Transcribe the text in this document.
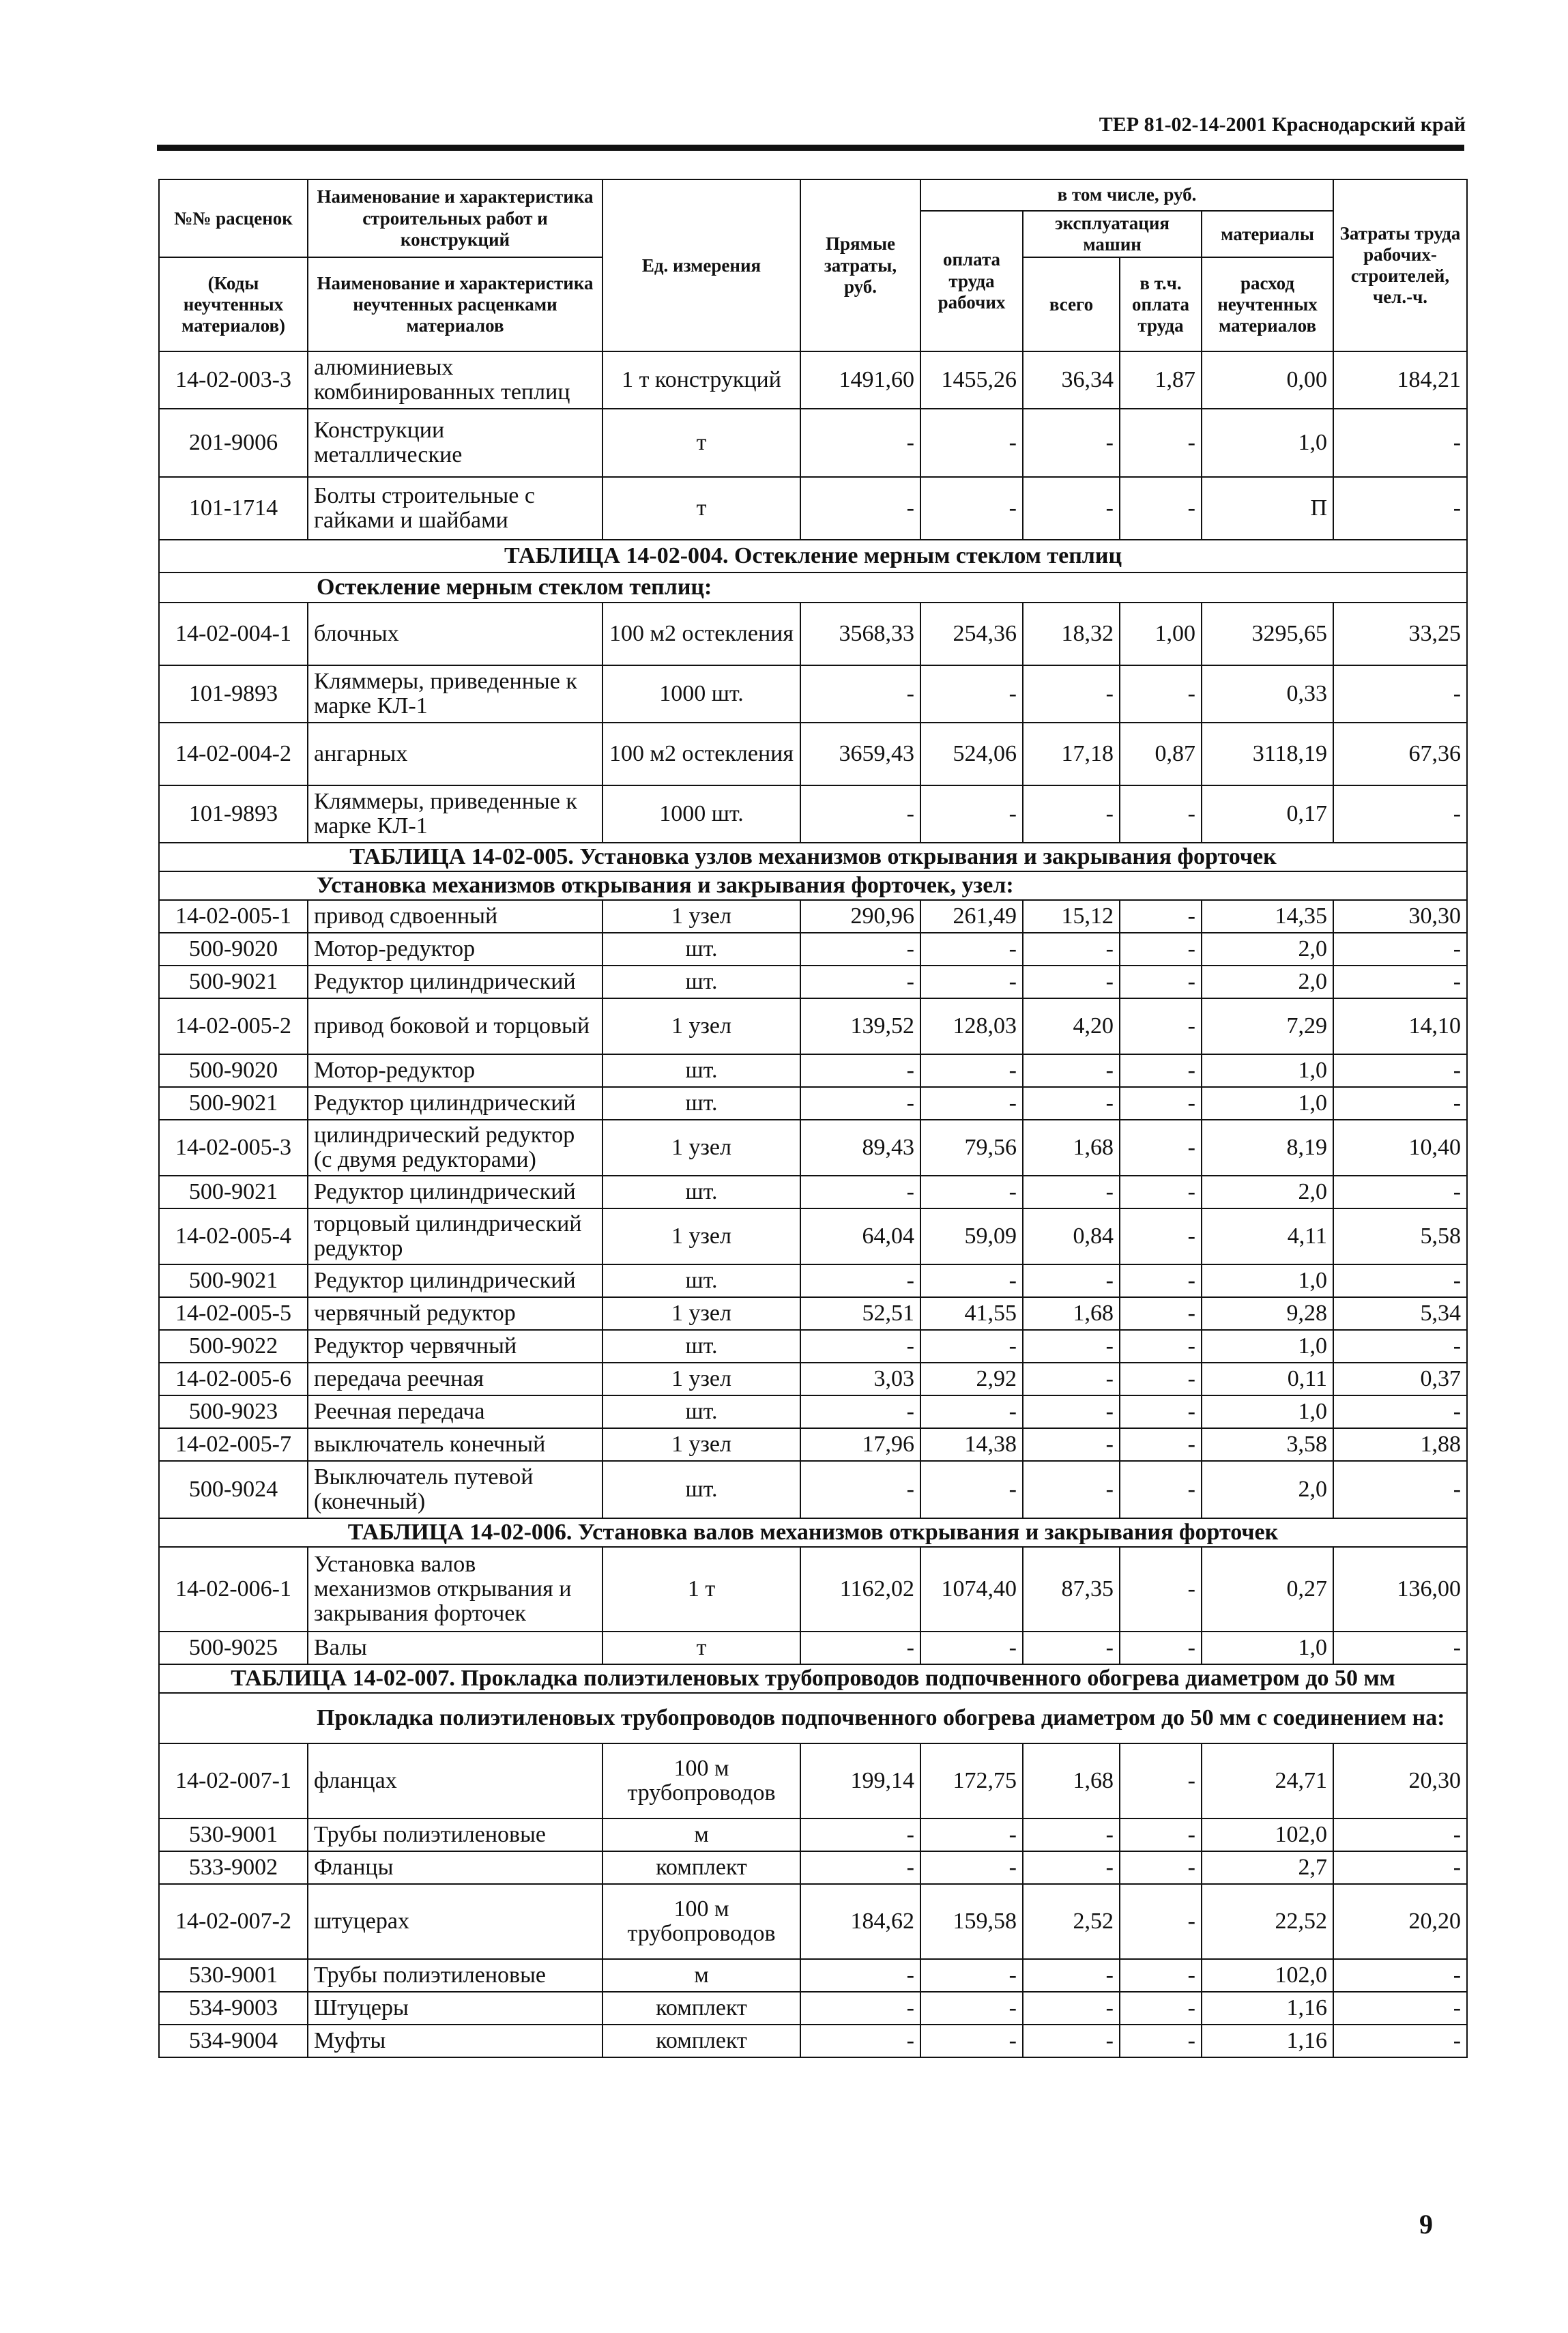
ТЕР 81-02-14-2001 Краснодарский край
№№ расценок	Наименование и характеристика строительных работ и конструкций	Ед. измерения	Прямые затраты, руб.	в том числе, руб.				Затраты труда рабочих-строителей, чел.-ч.
				оплата труда рабочих	эксплуатация машин		материалы	

(Коды неучтенных материалов)	Наименование и характеристика неучтенных расценками материалов				всего	в т.ч. оплата труда	расход неучтенных материалов	

14-02-003-3	алюминиевых комбинированных теплиц	1 т конструкций	1491,60	1455,26	36,34	1,87	0,00	184,21
201-9006	Конструкции металлические	т	-	-	-	-	1,0	-
101-1714	Болты строительные с гайками и шайбами	т	-	-	-	-	П	-
ТАБЛИЦА 14-02-004. Остекление мерным стеклом теплиц								
Остекление мерным стеклом теплиц:								
14-02-004-1	блочных	100 м2 остекления	3568,33	254,36	18,32	1,00	3295,65	33,25
101-9893	Кляммеры, приведенные к марке КЛ-1	1000 шт.	-	-	-	-	0,33	-
14-02-004-2	ангарных	100 м2 остекления	3659,43	524,06	17,18	0,87	3118,19	67,36
101-9893	Кляммеры, приведенные к марке КЛ-1	1000 шт.	-	-	-	-	0,17	-
ТАБЛИЦА 14-02-005. Установка узлов механизмов открывания и закрывания форточек								
Установка механизмов открывания и закрывания форточек, узел:								
14-02-005-1	привод сдвоенный	1 узел	290,96	261,49	15,12	-	14,35	30,30
500-9020	Мотор-редуктор	шт.	-	-	-	-	2,0	-
500-9021	Редуктор цилиндрический	шт.	-	-	-	-	2,0	-
14-02-005-2	привод боковой и торцовый	1 узел	139,52	128,03	4,20	-	7,29	14,10
500-9020	Мотор-редуктор	шт.	-	-	-	-	1,0	-
500-9021	Редуктор цилиндрический	шт.	-	-	-	-	1,0	-
14-02-005-3	цилиндрический редуктор (с двумя редукторами)	1 узел	89,43	79,56	1,68	-	8,19	10,40
500-9021	Редуктор цилиндрический	шт.	-	-	-	-	2,0	-
14-02-005-4	торцовый цилиндрический редуктор	1 узел	64,04	59,09	0,84	-	4,11	5,58
500-9021	Редуктор цилиндрический	шт.	-	-	-	-	1,0	-
14-02-005-5	червячный редуктор	1 узел	52,51	41,55	1,68	-	9,28	5,34
500-9022	Редуктор червячный	шт.	-	-	-	-	1,0	-
14-02-005-6	передача реечная	1 узел	3,03	2,92	-	-	0,11	0,37
500-9023	Реечная передача	шт.	-	-	-	-	1,0	-
14-02-005-7	выключатель конечный	1 узел	17,96	14,38	-	-	3,58	1,88
500-9024	Выключатель путевой (конечный)	шт.	-	-	-	-	2,0	-
ТАБЛИЦА 14-02-006. Установка валов механизмов открывания и закрывания форточек								
14-02-006-1	Установка валов механизмов открывания и закрывания форточек	1 т	1162,02	1074,40	87,35	-	0,27	136,00
500-9025	Валы	т	-	-	-	-	1,0	-
ТАБЛИЦА 14-02-007. Прокладка полиэтиленовых трубопроводов подпочвенного обогрева диаметром до 50 мм								
Прокладка полиэтиленовых трубопроводов подпочвенного обогрева диаметром до 50 мм с соединением на:								
14-02-007-1	фланцах	100 м трубопроводов	199,14	172,75	1,68	-	24,71	20,30
530-9001	Трубы полиэтиленовые	м	-	-	-	-	102,0	-
533-9002	Фланцы	комплект	-	-	-	-	2,7	-
14-02-007-2	штуцерах	100 м трубопроводов	184,62	159,58	2,52	-	22,52	20,20
530-9001	Трубы полиэтиленовые	м	-	-	-	-	102,0	-
534-9003	Штуцеры	комплект	-	-	-	-	1,16	-
534-9004	Муфты	комплект	-	-	-	-	1,16	-
9
